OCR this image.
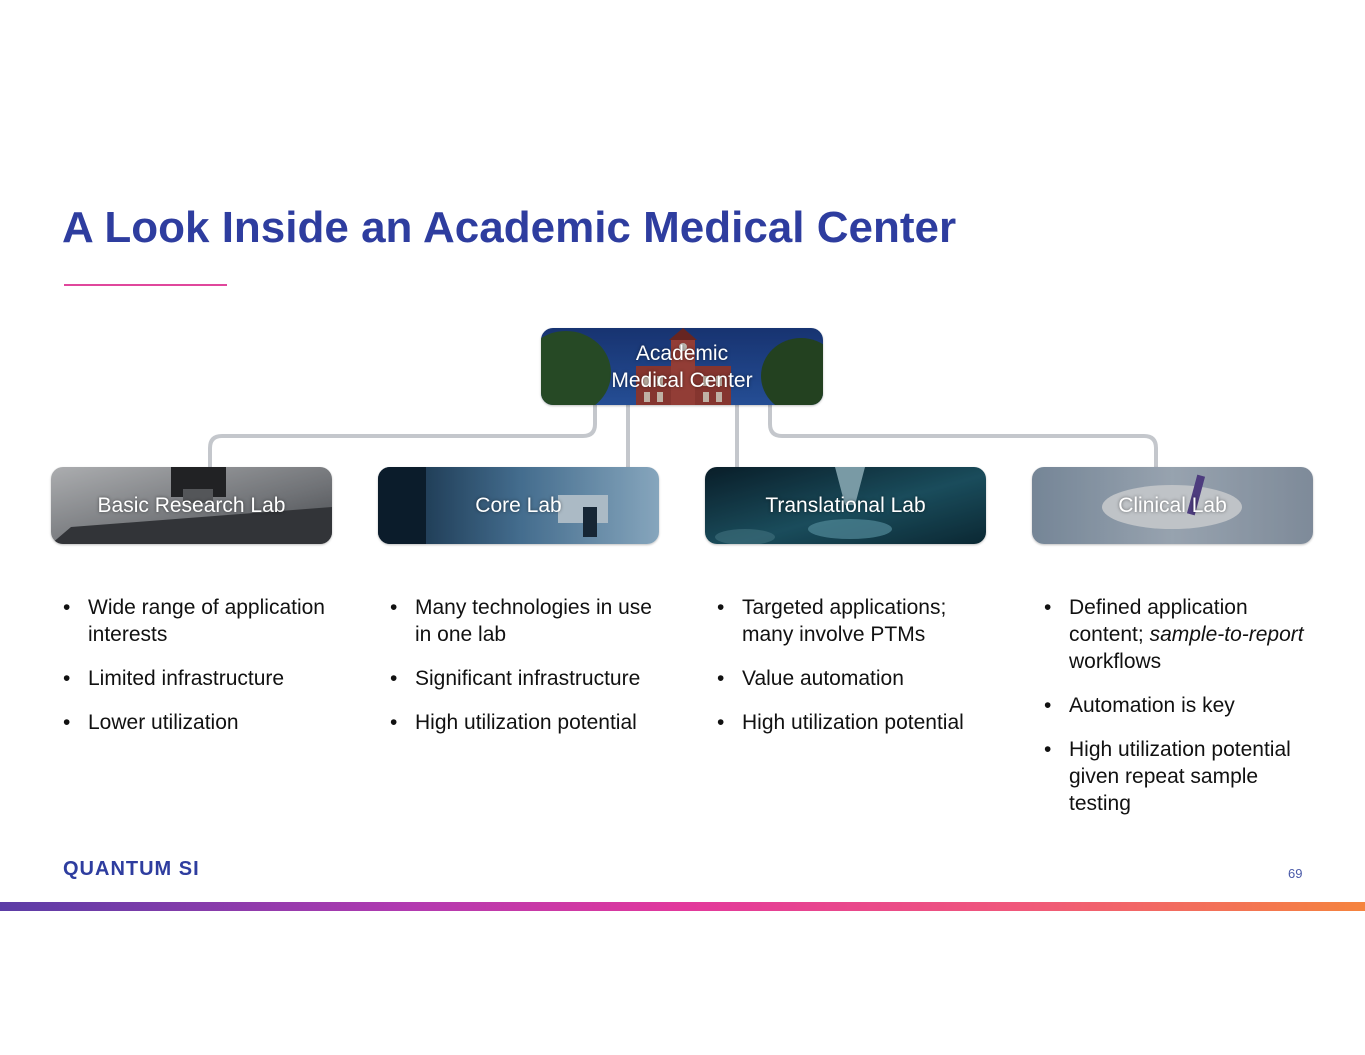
A Look Inside an Academic Medical Center
Academic
Medical Center
Basic Research Lab	Core Lab	Translational Lab	Clinical Lab
• Wide range of application interests
• Limited infrastructure
• Lower utilization
• Many technologies in use in one lab
• Significant infrastructure
• High utilization potential
• Targeted applications; many involve PTMs
• Value automation
• High utilization potential
• Defined application content; sample-to-report workflows
• Automation is key
• High utilization potential given repeat sample testing
QUANTUM SI	69
